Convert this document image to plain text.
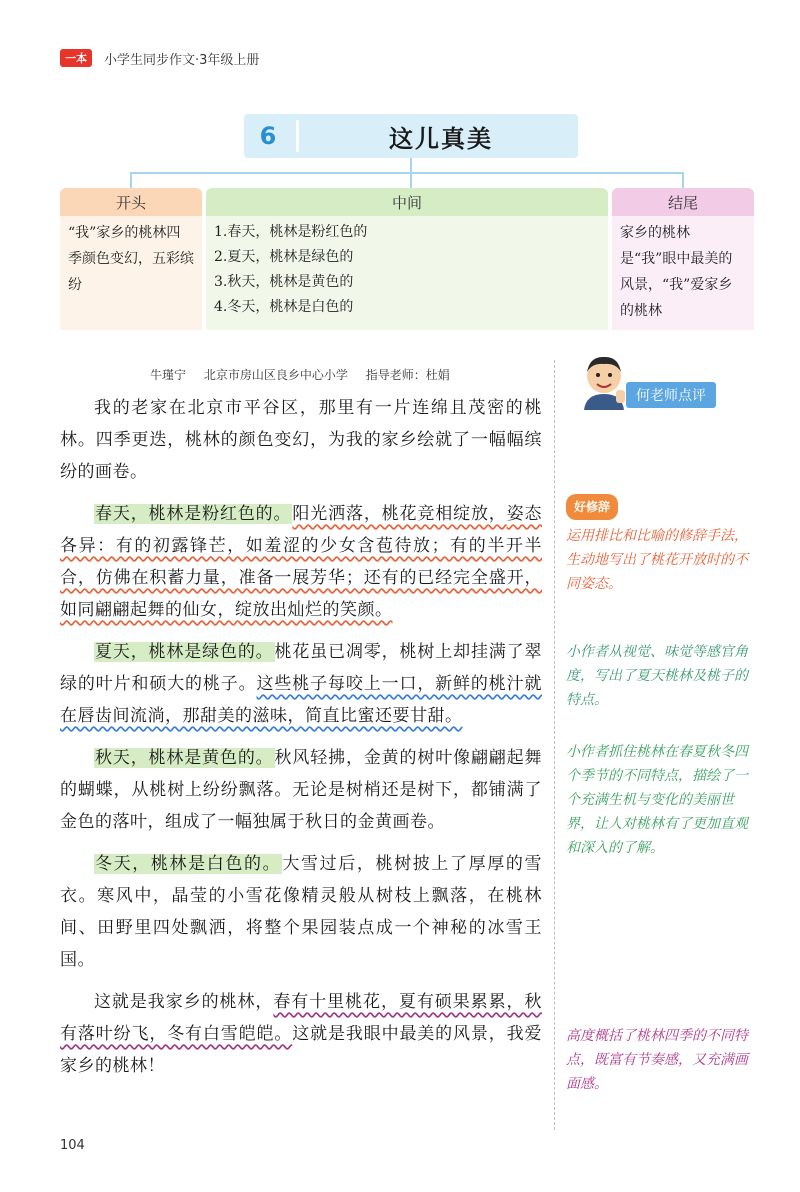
一本	小学生同步作文·3年级上册
6	这儿真美
开头
“我”家乡的桃林四季颜色变幻，五彩缤纷
中间
1.春天，桃林是粉红色的
2.夏天，桃林是绿色的
3.秋天，桃林是黄色的
4.冬天，桃林是白色的
结尾
家乡的桃林是“我”眼中最美的风景，“我”爱家乡的桃林
牛瑾宁 北京市房山区良乡中心小学 指导老师：杜娟

我的老家在北京市平谷区，那里有一片连绵且茂密的桃林。四季更迭，桃林的颜色变幻，为我的家乡绘就了一幅幅缤纷的画卷。

春天，桃林是粉红色的。阳光洒落，桃花竞相绽放，姿态各异：有的初露锋芒，如羞涩的少女含苞待放；有的半开半合，仿佛在积蓄力量，准备一展芳华；还有的已经完全盛开，如同翩翩起舞的仙女，绽放出灿烂的笑颜。

夏天，桃林是绿色的。桃花虽已凋零，桃树上却挂满了翠绿的叶片和硕大的桃子。这些桃子每咬上一口，新鲜的桃汁就在唇齿间流淌，那甜美的滋味，简直比蜜还要甘甜。

秋天，桃林是黄色的。秋风轻拂，金黄的树叶像翩翩起舞的蝴蝶，从桃树上纷纷飘落。无论是树梢还是树下，都铺满了金色的落叶，组成了一幅独属于秋日的金黄画卷。

冬天，桃林是白色的。大雪过后，桃树披上了厚厚的雪衣。寒风中，晶莹的小雪花像精灵般从树枝上飘落，在桃林间、田野里四处飘洒，将整个果园装点成一个神秘的冰雪王国。

这就是我家乡的桃林，春有十里桃花，夏有硕果累累，秋有落叶纷飞，冬有白雪皑皑。这就是我眼中最美的风景，我爱家乡的桃林！

何老师点评
好修辞
运用排比和比喻的修辞手法，生动地写出了桃花开放时的不同姿态。
小作者从视觉、味觉等感官角度，写出了夏天桃林及桃子的特点。
小作者抓住桃林在春夏秋冬四个季节的不同特点，描绘了一个充满生机与变化的美丽世界，让人对桃林有了更加直观和深入的了解。
高度概括了桃林四季的不同特点，既富有节奏感，又充满画面感。
104
